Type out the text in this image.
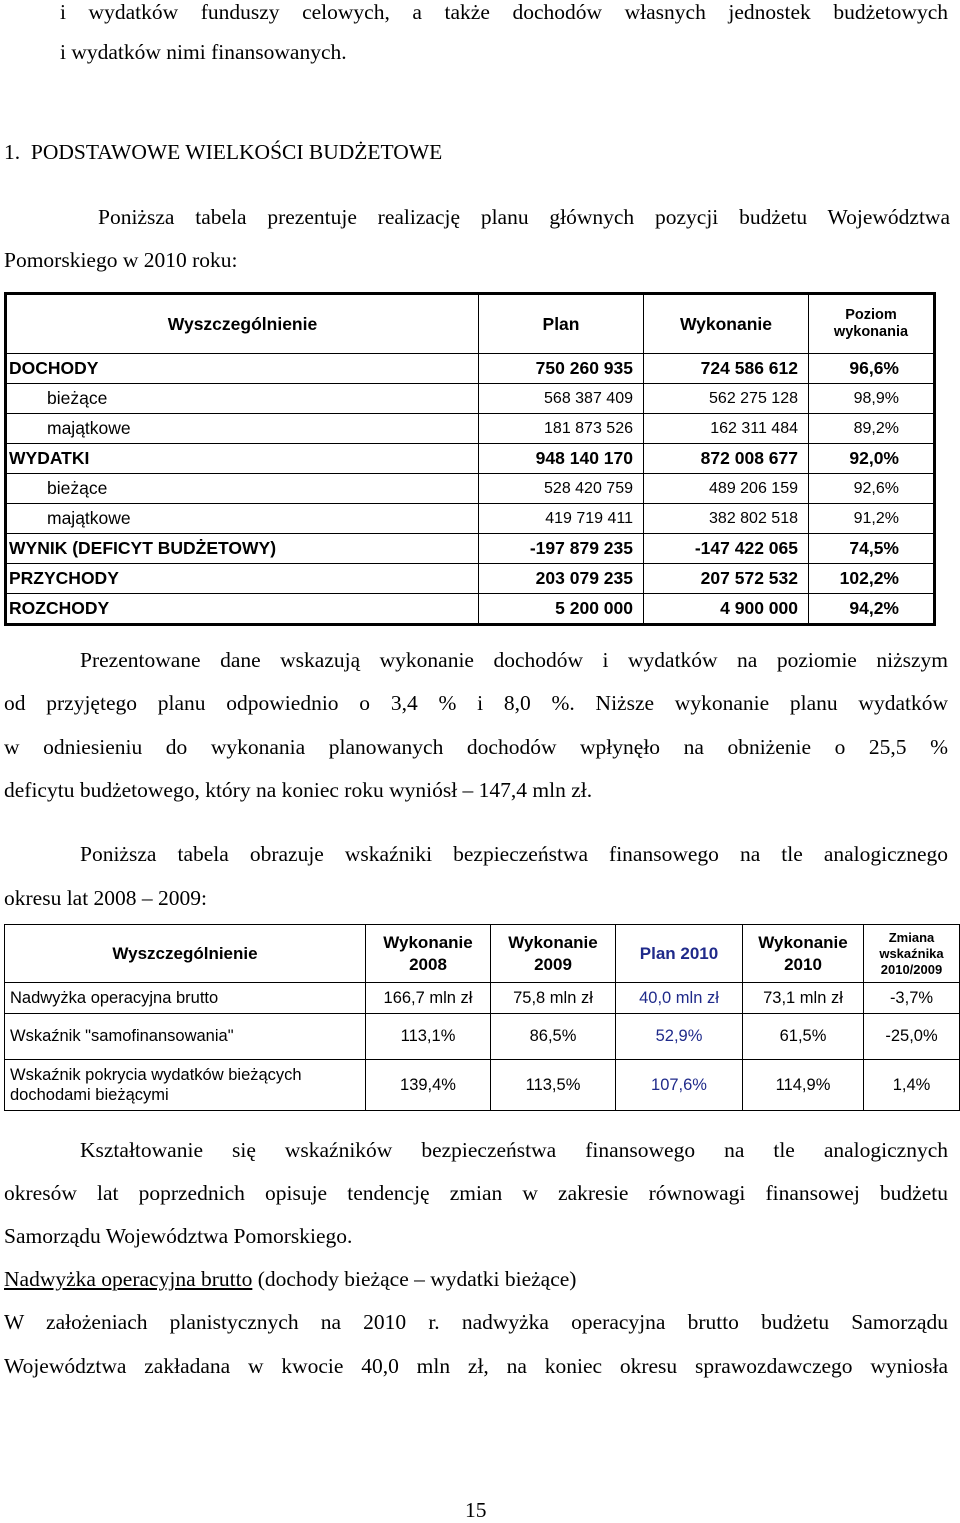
i wydatków funduszy celowych, a także dochodów własnych jednostek budżetowych
i wydatków nimi finansowanych.
1.  PODSTAWOWE WIELKOŚCI BUDŻETOWE
Poniższa tabela prezentuje realizację planu głównych pozycji budżetu Województwa
Pomorskiego w 2010 roku:
Wyszczególnienie	Plan	Wykonanie	Poziom wykonania
DOCHODY	750 260 935	724 586 612	96,6%
bieżące	568 387 409	562 275 128	98,9%
majątkowe	181 873 526	162 311 484	89,2%
WYDATKI	948 140 170	872 008 677	92,0%
bieżące	528 420 759	489 206 159	92,6%
majątkowe	419 719 411	382 802 518	91,2%
WYNIK (DEFICYT BUDŻETOWY)	-197 879 235	-147 422 065	74,5%
PRZYCHODY	203 079 235	207 572 532	102,2%
ROZCHODY	5 200 000	4 900 000	94,2%
Prezentowane dane wskazują wykonanie dochodów i wydatków na poziomie niższym
od przyjętego planu odpowiednio o 3,4 % i 8,0 %. Niższe wykonanie planu wydatków
w odniesieniu do wykonania planowanych dochodów wpłynęło na obniżenie o 25,5 %
deficytu budżetowego, który na koniec roku wyniósł – 147,4 mln zł.
Poniższa tabela obrazuje wskaźniki bezpieczeństwa finansowego na tle analogicznego
okresu lat 2008 – 2009:
Wyszczególnienie	Wykonanie 2008	Wykonanie 2009	Plan 2010	Wykonanie 2010	Zmiana wskaźnika 2010/2009
Nadwyżka operacyjna brutto	166,7 mln zł	75,8 mln zł	40,0 mln zł	73,1 mln zł	-3,7%
Wskaźnik "samofinansowania"	113,1%	86,5%	52,9%	61,5%	-25,0%
Wskaźnik pokrycia wydatków bieżących dochodami bieżącymi	139,4%	113,5%	107,6%	114,9%	1,4%
Kształtowanie się wskaźników bezpieczeństwa finansowego na tle analogicznych
okresów lat poprzednich opisuje tendencję zmian w zakresie równowagi finansowej budżetu
Samorządu Województwa Pomorskiego.
Nadwyżka operacyjna brutto (dochody bieżące – wydatki bieżące)
W założeniach planistycznych na 2010 r. nadwyżka operacyjna brutto budżetu Samorządu
Województwa zakładana w kwocie 40,0 mln zł, na koniec okresu sprawozdawczego wyniosła
15
